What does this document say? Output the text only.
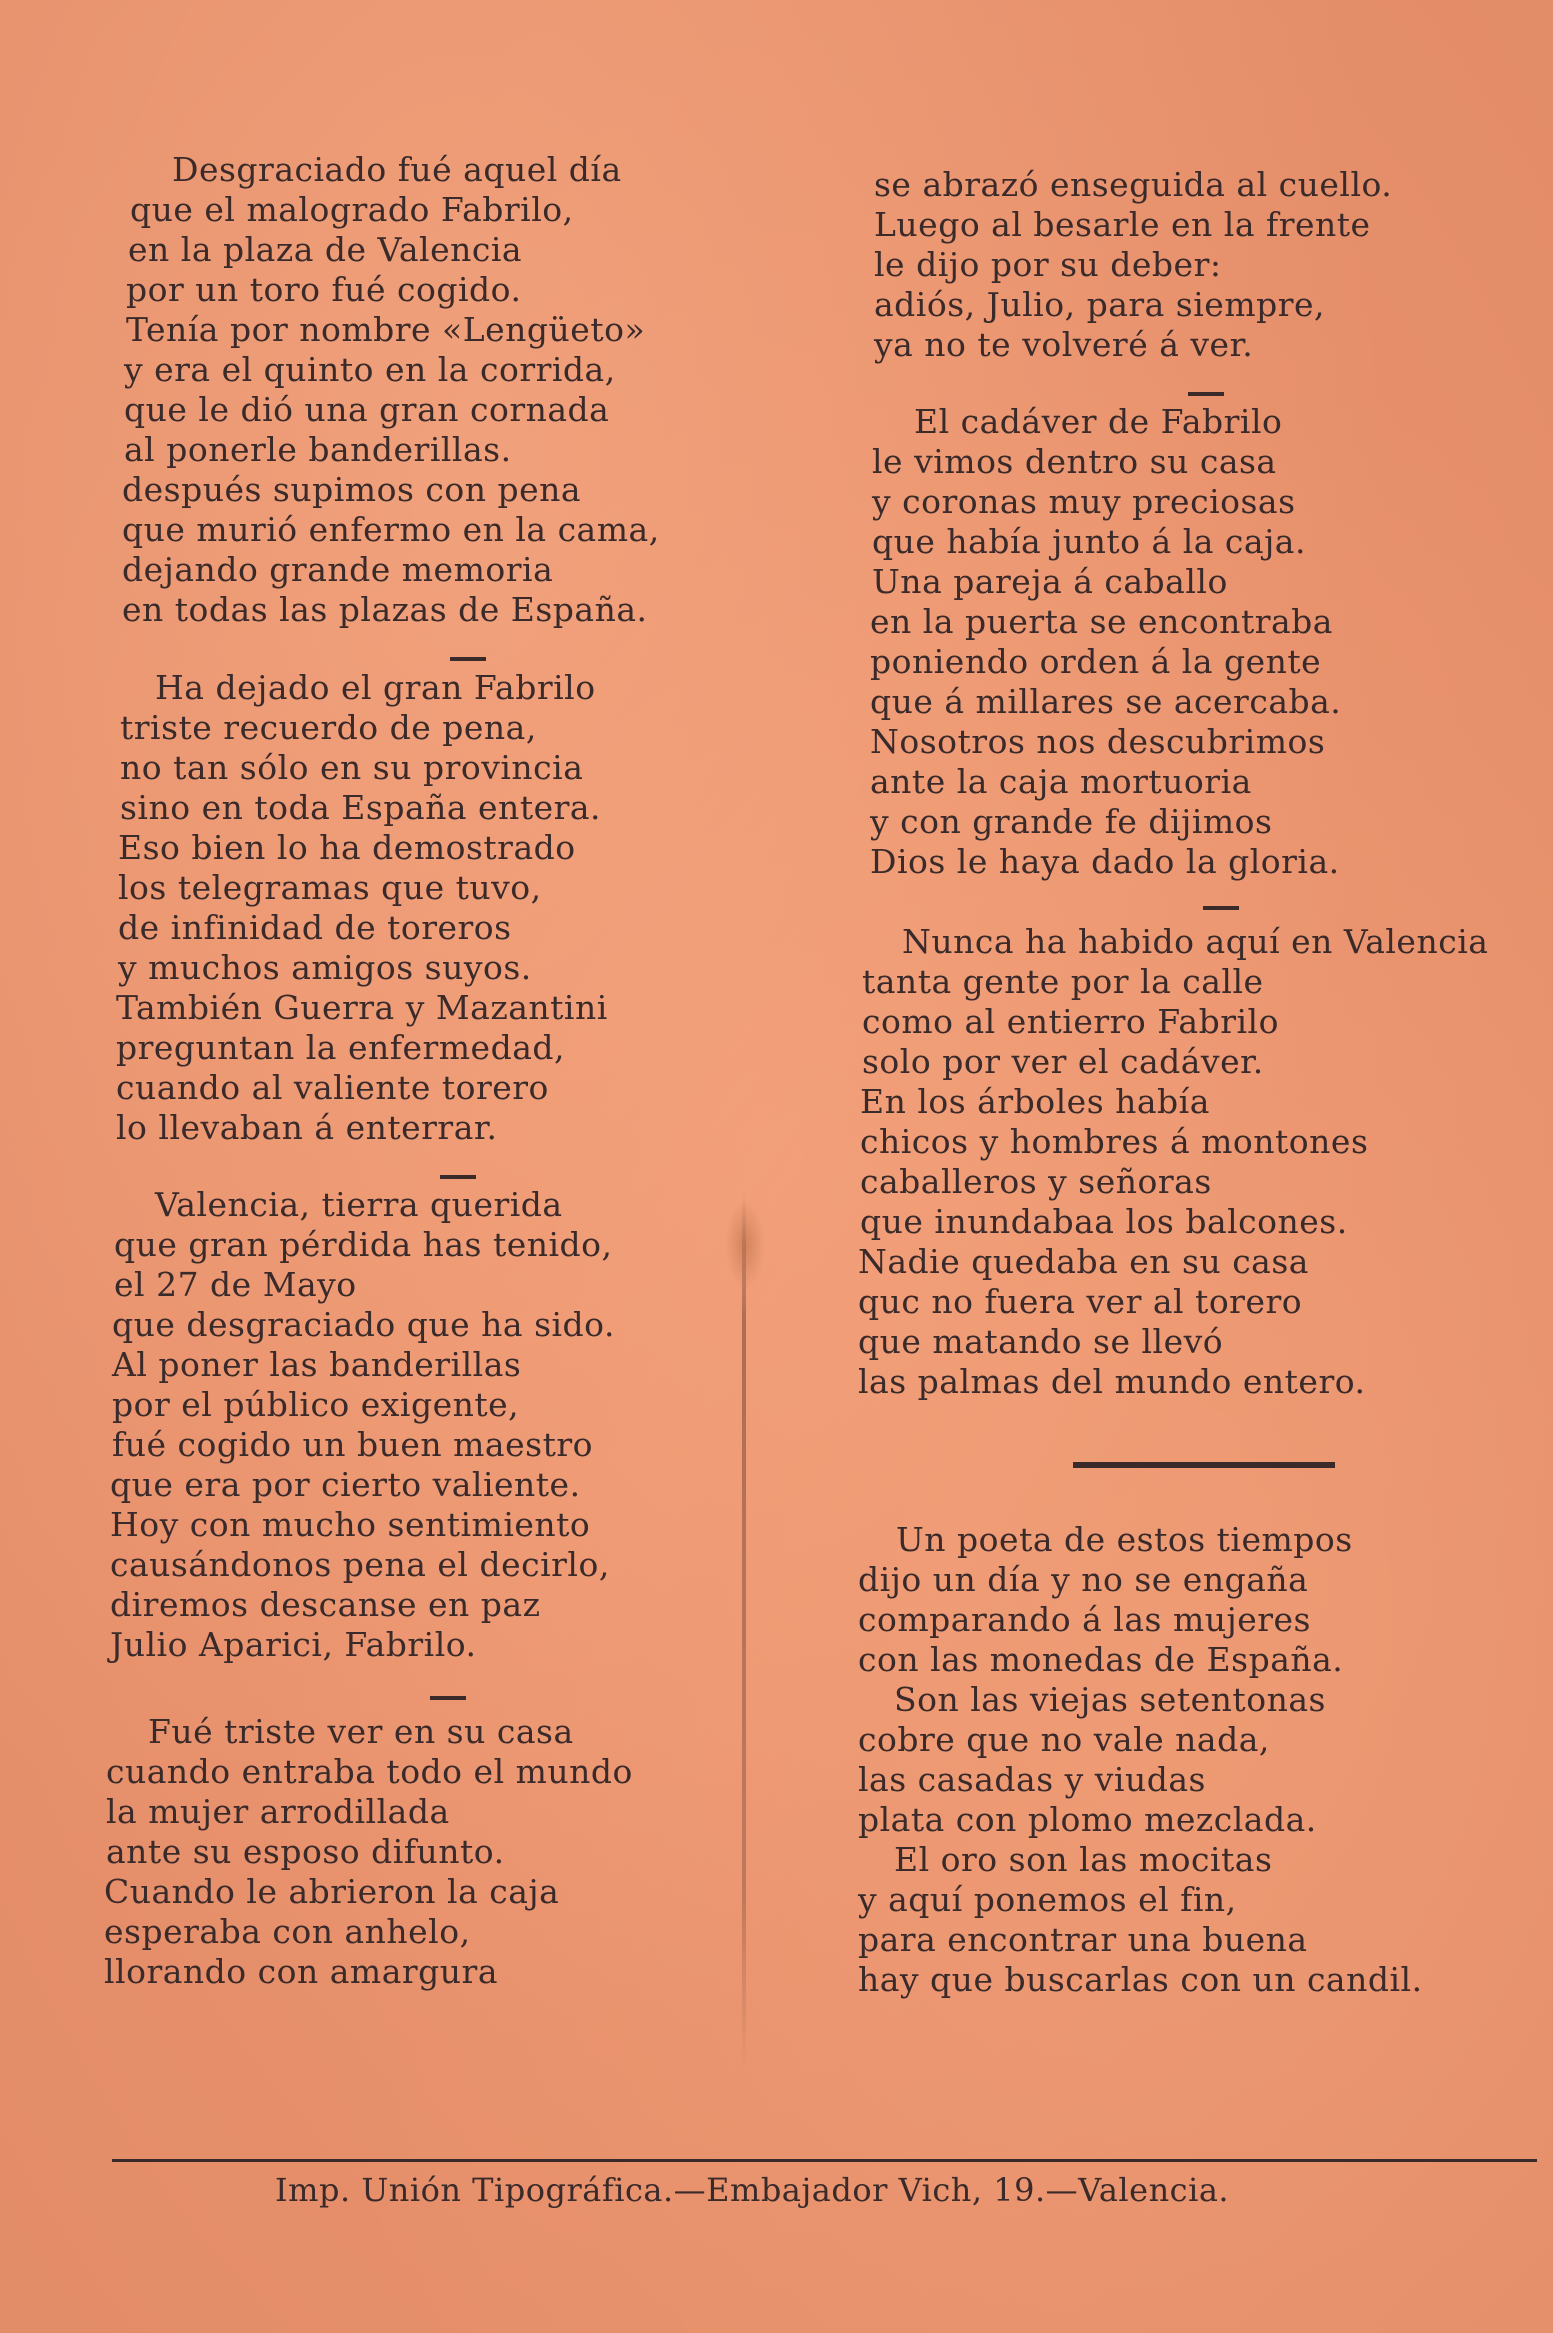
Desgraciado fué aquel día
que el malogrado Fabrilo,
en la plaza de Valencia
por un toro fué cogido.
Tenía por nombre «Lengüeto»
y era el quinto en la corrida,
que le dió una gran cornada
al ponerle banderillas.
después supimos con pena
que murió enfermo en la cama,
dejando grande memoria
en todas las plazas de España.
Ha dejado el gran Fabrilo
triste recuerdo de pena,
no tan sólo en su provincia
sino en toda España entera.
Eso bien lo ha demostrado
los telegramas que tuvo,
de infinidad de toreros
y muchos amigos suyos.
También Guerra y Mazantini
preguntan la enfermedad,
cuando al valiente torero
lo llevaban á enterrar.
Valencia, tierra querida
que gran pérdida has tenido,
el 27 de Mayo
que desgraciado que ha sido.
Al poner las banderillas
por el público exigente,
fué cogido un buen maestro
que era por cierto valiente.
Hoy con mucho sentimiento
causándonos pena el decirlo,
diremos descanse en paz
Julio Aparici, Fabrilo.
Fué triste ver en su casa
cuando entraba todo el mundo
la mujer arrodillada
ante su esposo difunto.
Cuando le abrieron la caja
esperaba con anhelo,
llorando con amargura
se abrazó enseguida al cuello.
Luego al besarle en la frente
le dijo por su deber:
adiós, Julio, para siempre,
ya no te volveré á ver.
El cadáver de Fabrilo
le vimos dentro su casa
y coronas muy preciosas
que había junto á la caja.
Una pareja á caballo
en la puerta se encontraba
poniendo orden á la gente
que á millares se acercaba.
Nosotros nos descubrimos
ante la caja mortuoria
y con grande fe dijimos
Dios le haya dado la gloria.
Nunca ha habido aquí en Valencia
tanta gente por la calle
como al entierro Fabrilo
solo por ver el cadáver.
En los árboles había
chicos y hombres á montones
caballeros y señoras
que inundabaa los balcones.
Nadie quedaba en su casa
quc no fuera ver al torero
que matando se llevó
las palmas del mundo entero.
Un poeta de estos tiempos
dijo un día y no se engaña
comparando á las mujeres
con las monedas de España.
Son las viejas setentonas
cobre que no vale nada,
las casadas y viudas
plata con plomo mezclada.
El oro son las mocitas
y aquí ponemos el fin,
para encontrar una buena
hay que buscarlas con un candil.
Imp. Unión Tipográfica.—Embajador Vich, 19.—Valencia.
